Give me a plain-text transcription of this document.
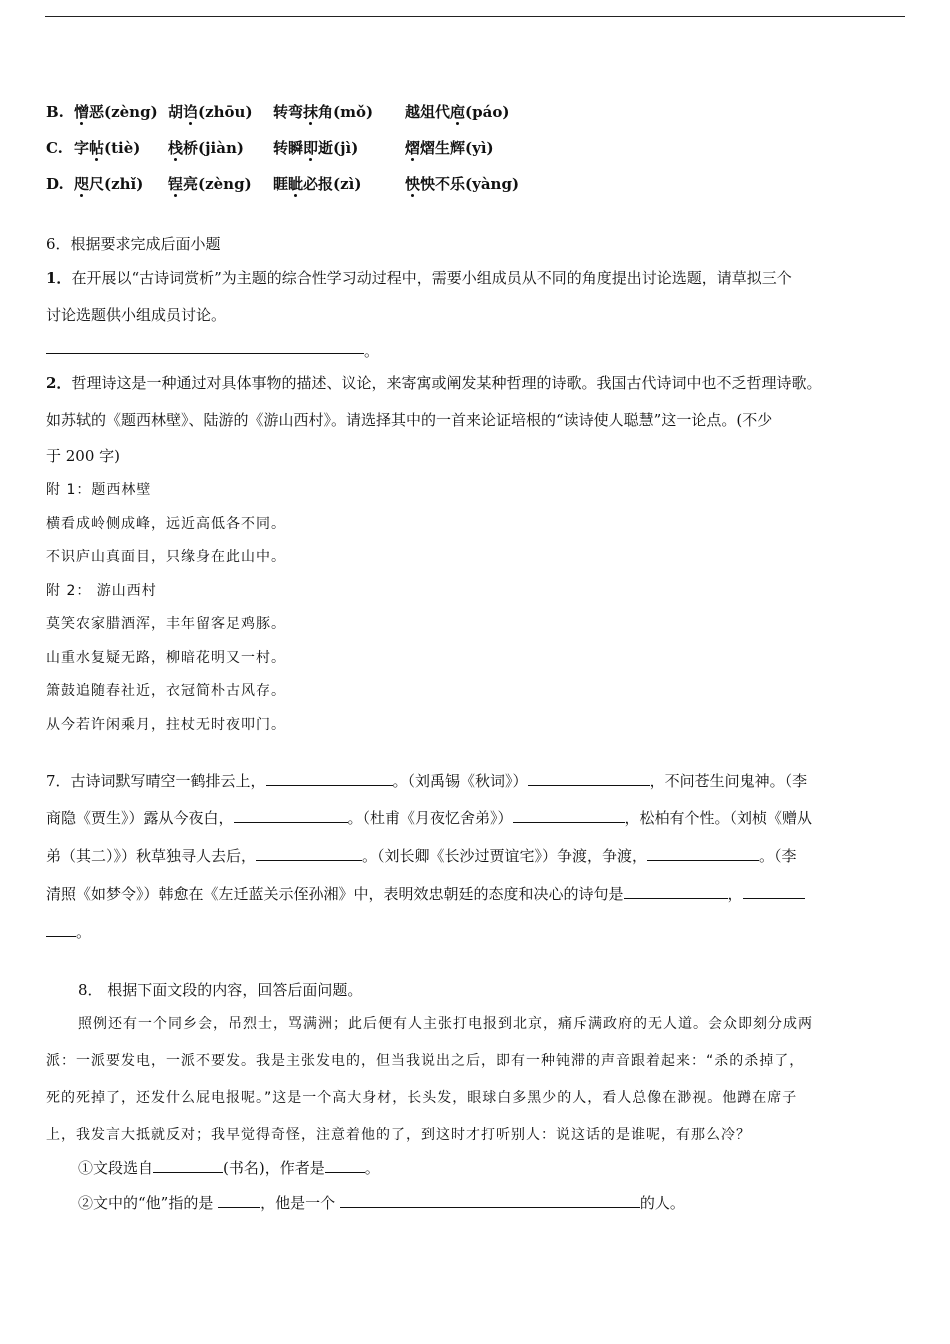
B. 憎恶(zèng) 胡诌(zhōu) 转弯抹角(mǒ) 越俎代庖(páo)
C. 字帖(tiè) 栈桥(jiàn) 转瞬即逝(jì)	熠熠生辉(yì)
D. 咫尺(zhǐ) 锃亮(zèng) 睚眦必报(zì)	怏怏不乐(yàng)
6．根据要求完成后面小题
1．在开展以“古诗词赏析”为主题的综合性学习动过程中，需要小组成员从不同的角度提出讨论选题，请草拟三个
讨论选题供小组成员讨论。
。
2．哲理诗这是一种通过对具体事物的描述、议论，来寄寓或阐发某种哲理的诗歌。我国古代诗词中也不乏哲理诗歌。
如苏轼的《题西林壁》、陆游的《游山西村》。请选择其中的一首来论证培根的“读诗使人聪慧”这一论点。(不少
于 200 字)
附 1：题西林壁
横看成岭侧成峰，远近高低各不同。
不识庐山真面目，只缘身在此山中。
附 2： 游山西村
莫笑农家腊酒浑，丰年留客足鸡豚。
山重水复疑无路，柳暗花明又一村。
箫鼓追随春社近，衣冠简朴古风存。
从今若许闲乘月，拄杖无时夜叩门。
7．古诗词默写晴空一鹤排云上，	。（刘禹锡《秋词》）	，不问苍生问鬼神。（李
商隐《贾生》）露从今夜白，	。（杜甫《月夜忆舍弟》）	，松柏有个性。（刘桢《赠从
弟（其二）》）秋草独寻人去后，	。（刘长卿《长沙过贾谊宅》）争渡，争渡，	。（李
清照《如梦令》）韩愈在《左迁蓝关示侄孙湘》中，表明效忠朝廷的态度和决心的诗句是	，
。
8． 根据下面文段的内容，回答后面问题。
照例还有一个同乡会，吊烈士，骂满洲；此后便有人主张打电报到北京，痛斥满政府的无人道。会众即刻分成两
派：一派要发电，一派不要发。我是主张发电的，但当我说出之后，即有一种钝滞的声音跟着起来：“杀的杀掉了，
死的死掉了，还发什么屁电报呢。”这是一个高大身材，长头发，眼球白多黑少的人，看人总像在渺视。他蹲在席子
上，我发言大抵就反对；我早觉得奇怪，注意着他的了，到这时才打听别人：说这话的是谁呢，有那么冷？
①文段选自	(书名)，作者是	。
②文中的“他”指的是	，他是一个	的人。
